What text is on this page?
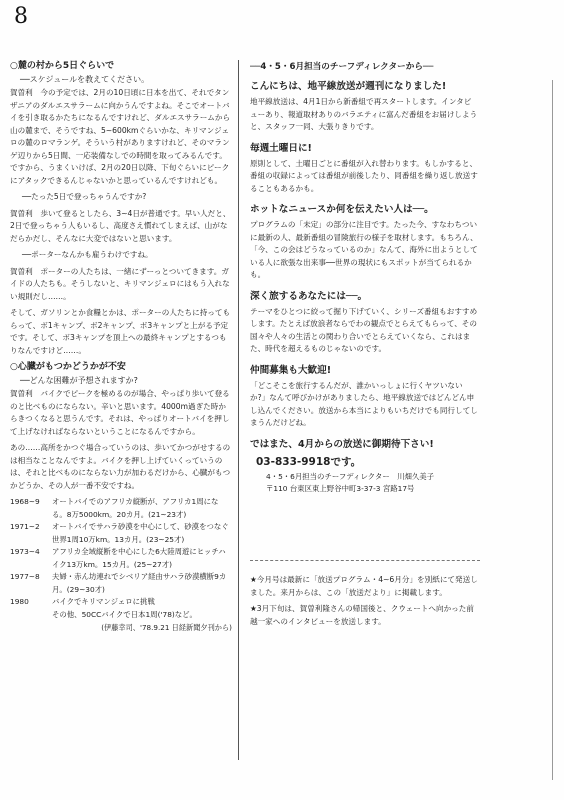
8
○麓の村から5日ぐらいで
──スケジュールを教えてください。

賀曽利　今の予定では、2月の10日頃に日本を出て、それでタンザニアのダルエスサラームに向かうんですよね。そこでオートバイを引き取るかたちになるんですけれど、ダルエスサラームから山の麓まで、そうですね、5~600kmぐらいかな、キリマンジェロの麓のロマランゲ。そういう村がありますけれど、そのマランゲ辺りから5日間、一応装備なしでの時間を取ってみるんです。ですから、うまくいけば、2月の20日以降、下旬ぐらいにピークにアタックできるんじゃないかと思っているんですけれども。

──たった5日で登っちゃうんですか?

賀曽利　歩いて登るとしたら、3~4日が普通です。早い人だと、2日で登っちゃう人もいるし、高度さえ慣れてしまえば、山がなだらかだし、そんなに大変ではないと思います。

──ポーターなんかも雇うわけですね。

賀曽利　ポーターの人たちは、一緒にずーっとついてきます。ガイドの人たちも。そうしないと、キリマンジェロにはもう入れない規則だし……。

そして、ガソリンとか食糧とかは、ポーターの人たちに持ってもらって、ボ1キャンプ、ボ2キャンプ、ボ3キャンプと上がる予定です。そして、ボ3キャンプを頂上への最終キャンプとするつもりなんですけど……。

○心臓がもつかどうかが不安
──どんな困難が予想されますか?

賀曽利　バイクでピークを極めるのが場合、やっぱり歩いて登るのと比べものにならない。辛いと思います。4000m過ぎた時からきつくなると思うんです。それは、やっぱりオートバイを押して上げなければならないということになるんですから。

あの……高所をかつぐ場合っていうのは、歩いてかつがせするのは相当なことなんですよ。バイクを押し上げていくっていうのは、それと比べものにならない力が加わるだけから、心臓がもつかどうか、その人が一番不安ですね。

1968~9	オートバイでのアフリカ縦断が、アフリカ1周になる。8万5000km。20カ月。(21~23才)
1971~2	オートバイでサハラ砂漠を中心にして、砂漠をつなぐ世界1周10万km。13カ月。(23~25才)
1973~4	アフリカ全域縦断を中心にした6大陸周遊にヒッチハイク13万km。15カ月。(25~27才)
1977~8	夫婦・赤ん坊連れでシベリア経由サハラ砂漠横断9カ月。(29~30才)
1980	バイクでキリマンジェロに挑戦
その他、50CCバイクで日本1周('78)など。
(伊藤幸司、'78.9.21 日経新聞夕刊から)
──4・5・6月担当のチーフディレクターから──
こんにちは、地平線放送が週刊になりました!

地平線放送は、4月1日から新番組で再スタートします。インタビューあり、報道取材ありのバラエティに富んだ番組をお届けしようと、スタッフ一同、大張りきりです。

毎週土曜日に!

原則として、土曜日ごとに番組が入れ替わります。もしかすると、番組の収録によっては番組が前後したり、同番組を繰り返し放送することもあるかも。

ホットなニュースか何を伝えたい人は──。

プログラムの「未定」の部分に注目です。たった今、すなわちついに最新の人、最新番組の冒険旅行の様子を取材します。もちろん、「今、この会はどうなっているのか」なんて、海外に出ようとしている人に欲張な出来事──世界の現状にもスポットが当てられるかも。

深く旅するあなたには──。

テーマをひとつに絞って掘り下げていく、シリーズ番組もおすすめします。たとえば放浪者ならでわの観点でとらえてもらって、その国々や人々の生活との関わり合いでとらえていくなら、これはまた、時代を超えるものじゃないのです。

仲間募集も大歓迎!

「どこそこを旅行するんだが、誰かいっしょに行くヤツいないか?」なんて呼びかけがありましたら、地平線放送ではどんどん申し込んでください。放送から本当によりもいちだけでも同行してしまうんだけどね。

ではまた、4月からの放送に御期待下さい!
03-833-9918です。
4・5・6月担当のチーフディレクター　川畑久美子
〒110 台東区東上野谷中町3-37-3 宮路17号
★今月号は最新に「放送プログラム・4~6月分」を別紙にて発送しました。来月からは、この「放送だより」に掲載します。
★3月下旬は、賀曽利隆さんの帰国後と、クウェートへ向かった前越一家へのインタビューを放送します。
